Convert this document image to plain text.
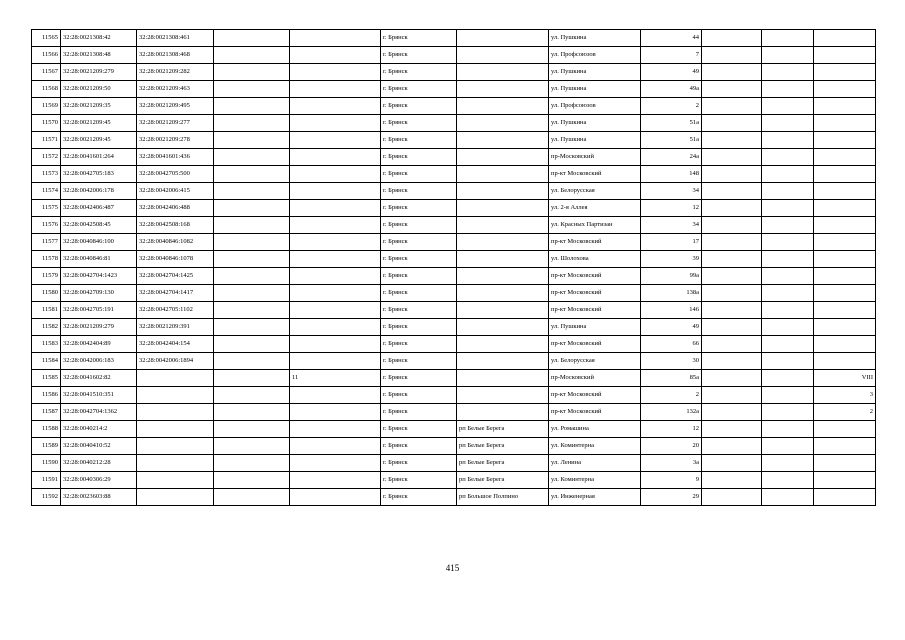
11565	32:28:0021308:42	32:28:0021308:461			г. Брянск		ул. Пушкина	44			
11566	32:28:0021308:48	32:28:0021308:468			г. Брянск		ул. Профсоюзов	7			
11567	32:28:0021209:279	32:28:0021209:282			г. Брянск		ул. Пушкина	49			
11568	32:28:0021209:50	32:28:0021209:463			г. Брянск		ул. Пушкина	49а			
11569	32:28:0021209:35	32:28:0021209:495			г. Брянск		ул. Профсоюзов	2			
11570	32:28:0021209:45	32:28:0021209:277			г. Брянск		ул. Пушкина	51а			
11571	32:28:0021209:45	32:28:0021209:278			г. Брянск		ул. Пушкина	51а			
11572	32:28:0041601:264	32:28:0041601:436			г. Брянск		пр-Московский	24а			
11573	32:28:0042705:183	32:28:0042705:500			г. Брянск		пр-кт Московский	148			
11574	32:28:0042006:178	32:28:0042006:415			г. Брянск		ул. Белорусская	34			
11575	32:28:0042406:487	32:28:0042406:488			г. Брянск		ул. 2-я Аллея	12			
11576	32:28:0042508:45	32:28:0042508:168			г. Брянск		ул. Красных Партизан	34			
11577	32:28:0040846:100	32:28:0040846:1082			г. Брянск		пр-кт Московский	17			
11578	32:28:0040846:81	32:28:0040846:1078			г. Брянск		ул. Шолохова	39			
11579	32:28:0042704:1423	32:28:0042704:1425			г. Брянск		пр-кт Московский	99а			
11580	32:28:0042709:130	32:28:0042704:1417			г. Брянск		пр-кт Московский	138а			
11581	32:28:0042705:191	32:28:0042705:1102			г. Брянск		пр-кт Московский	146			
11582	32:28:0021209:279	32:28:0021209:391			г. Брянск		ул. Пушкина	49			
11583	32:28:0042404:89	32:28:0042404:154			г. Брянск		пр-кт Московский	66			
11584	32:28:0042006:183	32:28:0042006:1894			г. Брянск		ул. Белорусская	30			
11585	32:28:0041602:82			11	г. Брянск		пр-Московский	85а			VIII
11586	32:28:0041510:351				г. Брянск		пр-кт Московский	2			3
11587	32:28:0042704:1362				г. Брянск		пр-кт Московский	132а			2
11588	32:28:0040214:2				г. Брянск	рп Белые Берега	ул. Ромашина	12			
11589	32:28:0040410:52				г. Брянск	рп Белые Берега	ул. Коминтерна	20			
11590	32:28:0040212:28				г. Брянск	рп Белые Берега	ул. Ленина	3а			
11591	32:28:0040306:29				г. Брянск	рп Белые Берега	ул. Коминтерна	9			
11592	32:28:0023603:88				г. Брянск	рп Большое Полпино	ул. Инженерная	29			
415
